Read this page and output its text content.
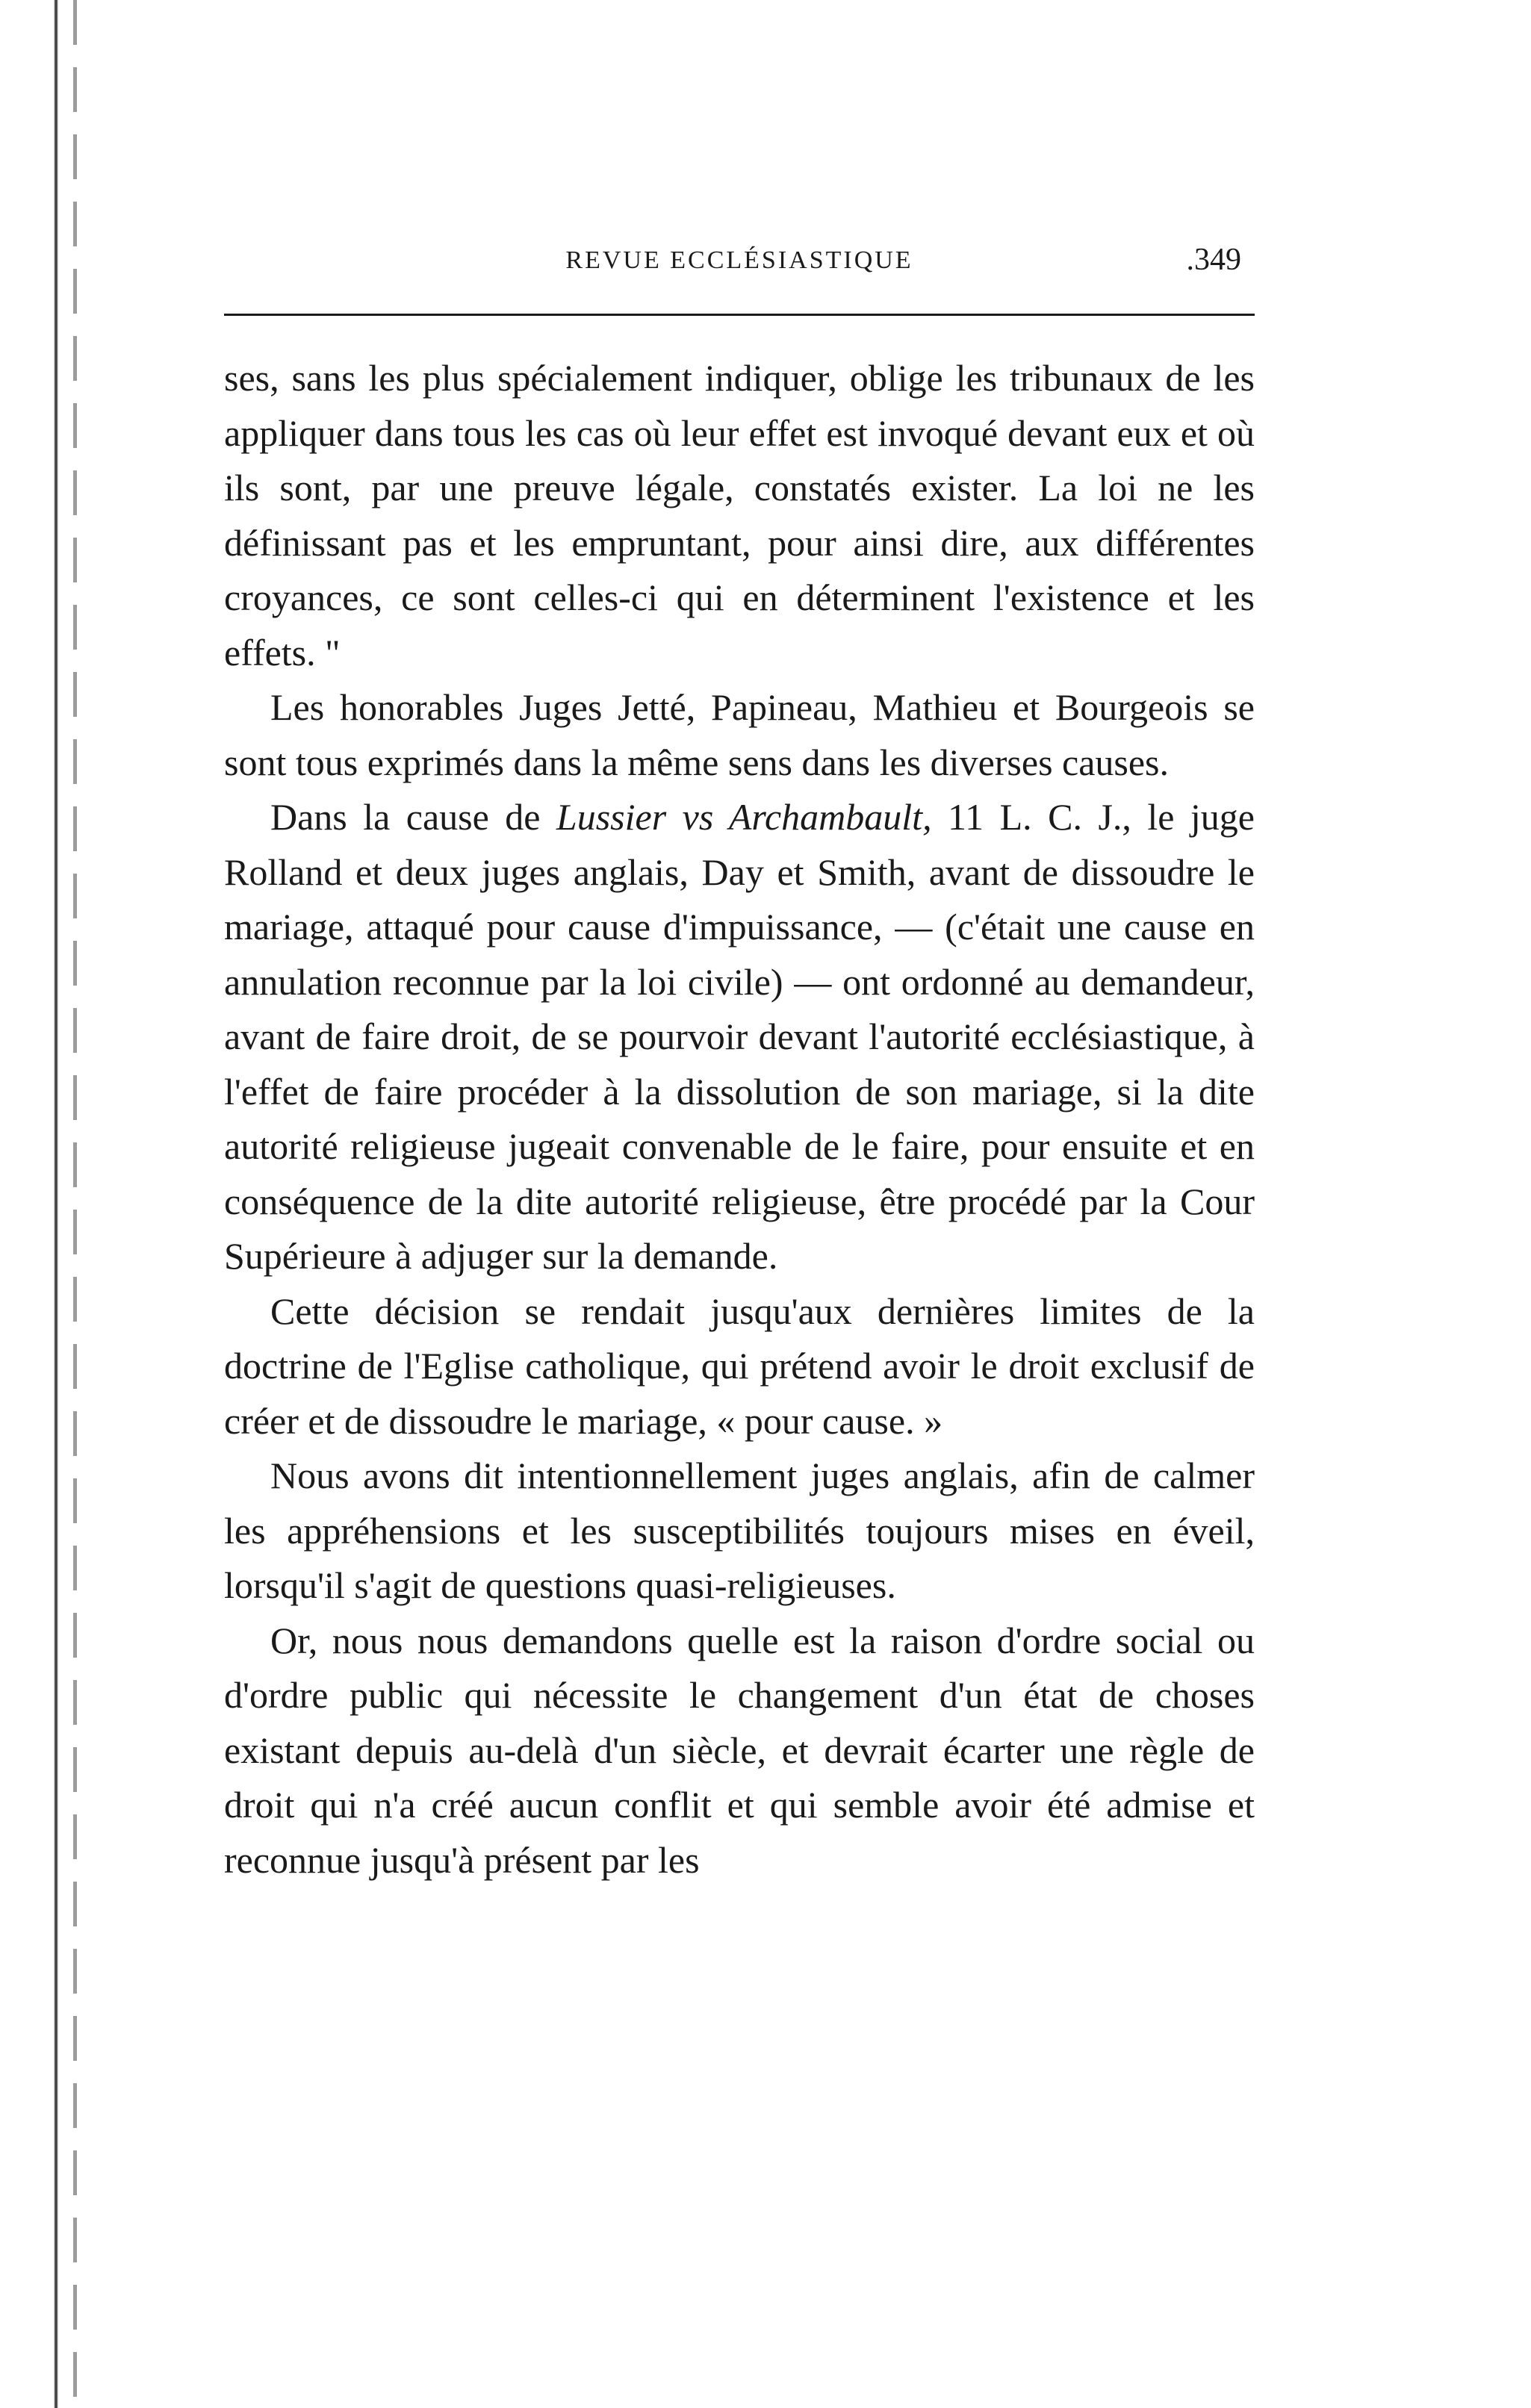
REVUE ECCLÉSIASTIQUE	.349

ses, sans les plus spécialement indiquer, oblige les tribunaux de les appliquer dans tous les cas où leur effet est invoqué devant eux et où ils sont, par une preuve légale, constatés exister. La loi ne les définissant pas et les empruntant, pour ainsi dire, aux différentes croyances, ce sont celles-ci qui en déterminent l'existence et les effets. "

Les honorables Juges Jetté, Papineau, Mathieu et Bourgeois se sont tous exprimés dans la même sens dans les diverses causes.

Dans la cause de Lussier vs Archambault, 11 L. C. J., le juge Rolland et deux juges anglais, Day et Smith, avant de dissoudre le mariage, attaqué pour cause d'impuissance, — (c'était une cause en annulation reconnue par la loi civile) — ont ordonné au demandeur, avant de faire droit, de se pourvoir devant l'autorité ecclésiastique, à l'effet de faire procéder à la dissolution de son mariage, si la dite autorité religieuse jugeait convenable de le faire, pour ensuite et en conséquence de la dite autorité religieuse, être procédé par la Cour Supérieure à adjuger sur la demande.

Cette décision se rendait jusqu'aux dernières limites de la doctrine de l'Eglise catholique, qui prétend avoir le droit exclusif de créer et de dissoudre le mariage, « pour cause. »

Nous avons dit intentionnellement juges anglais, afin de calmer les appréhensions et les susceptibilités toujours mises en éveil, lorsqu'il s'agit de questions quasi-religieuses.

Or, nous nous demandons quelle est la raison d'ordre social ou d'ordre public qui nécessite le changement d'un état de choses existant depuis au-delà d'un siècle, et devrait écarter une règle de droit qui n'a créé aucun conflit et qui semble avoir été admise et reconnue jusqu'à présent par les
